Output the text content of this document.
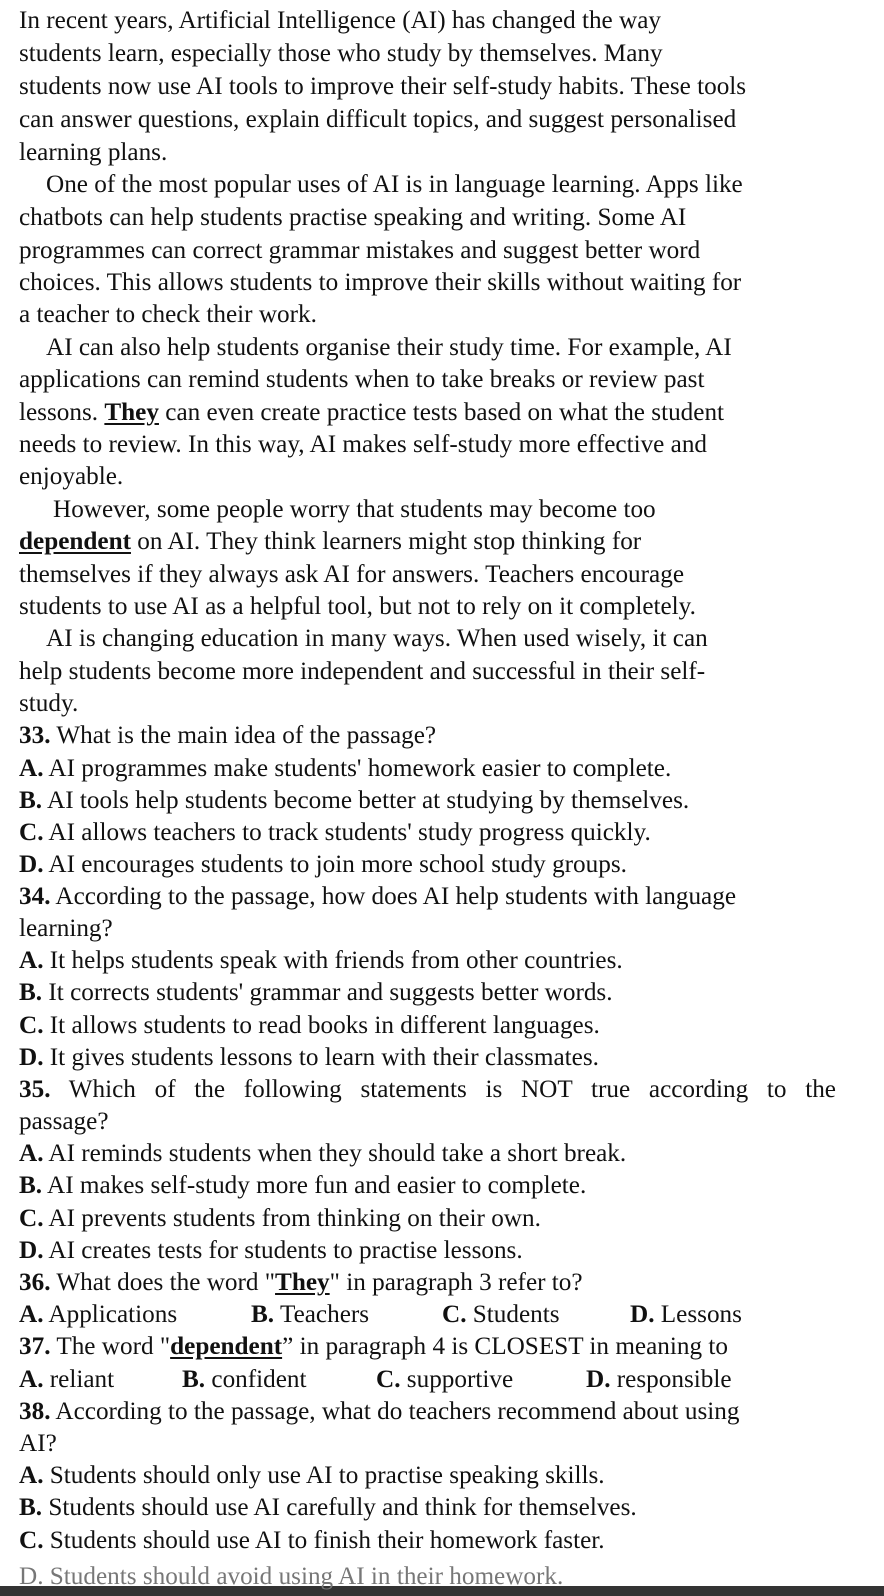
In recent years, Artificial Intelligence (AI) has changed the way
students learn, especially those who study by themselves. Many
students now use AI tools to improve their self-study habits. These tools
can answer questions, explain difficult topics, and suggest personalised
learning plans.
One of the most popular uses of AI is in language learning. Apps like
chatbots can help students practise speaking and writing. Some AI
programmes can correct grammar mistakes and suggest better word
choices. This allows students to improve their skills without waiting for
a teacher to check their work.
AI can also help students organise their study time. For example, AI
applications can remind students when to take breaks or review past
lessons. They can even create practice tests based on what the student
needs to review. In this way, AI makes self-study more effective and
enjoyable.
However, some people worry that students may become too
dependent on AI. They think learners might stop thinking for
themselves if they always ask AI for answers. Teachers encourage
students to use AI as a helpful tool, but not to rely on it completely.
AI is changing education in many ways. When used wisely, it can
help students become more independent and successful in their self-
study.
33. What is the main idea of the passage?
A. AI programmes make students' homework easier to complete.
B. AI tools help students become better at studying by themselves.
C. AI allows teachers to track students' study progress quickly.
D. AI encourages students to join more school study groups.
34. According to the passage, how does AI help students with language
learning?
A. It helps students speak with friends from other countries.
B. It corrects students' grammar and suggests better words.
C. It allows students to read books in different languages.
D. It gives students lessons to learn with their classmates.
35. Which of the following statements is NOT true according to the
passage?
A. AI reminds students when they should take a short break.
B. AI makes self-study more fun and easier to complete.
C. AI prevents students from thinking on their own.
D. AI creates tests for students to practise lessons.
36. What does the word "They" in paragraph 3 refer to?
A. Applications	B. Teachers	C. Students	D. Lessons
37. The word "dependent” in paragraph 4 is CLOSEST in meaning to
A. reliant	B. confident	C. supportive	D. responsible
38. According to the passage, what do teachers recommend about using
AI?
A. Students should only use AI to practise speaking skills.
B. Students should use AI carefully and think for themselves.
C. Students should use AI to finish their homework faster.
D. Students should avoid using AI in their homework.
